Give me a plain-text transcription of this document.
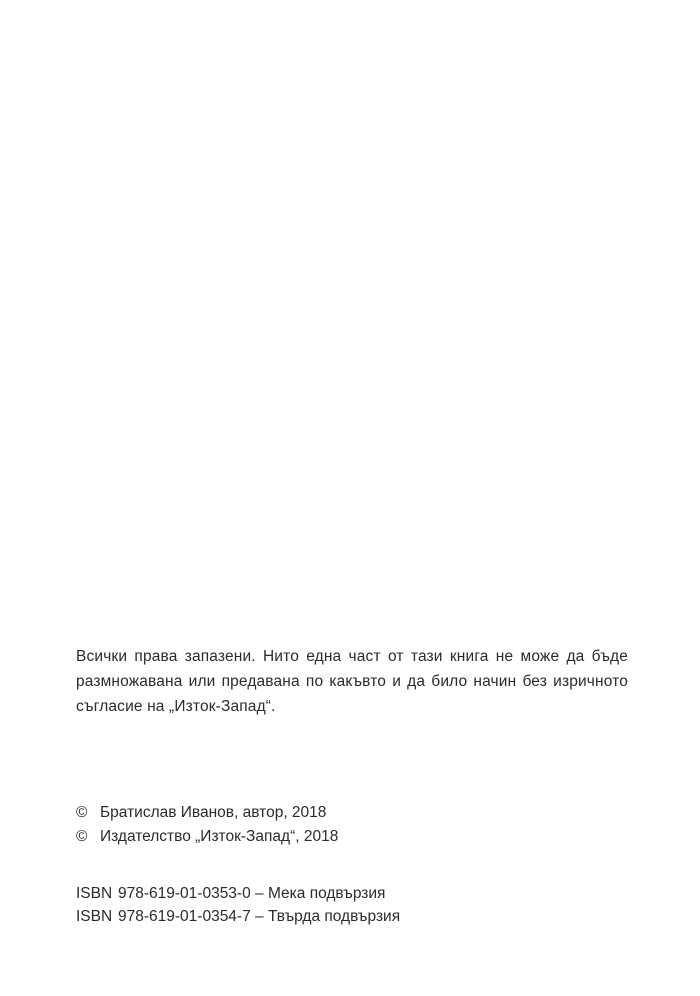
Всички права запазени. Нито една част от тази книга не може да бъде размножавана или предавана по какъвто и да било начин без изричното съгласие на „Изток-Запад“.

© Братислав Иванов, автор, 2018
© Издателство „Изток-Запад“, 2018
ISBN 978-619-01-0353-0 – Мека подвързия
ISBN 978-619-01-0354-7 – Твърда подвързия
